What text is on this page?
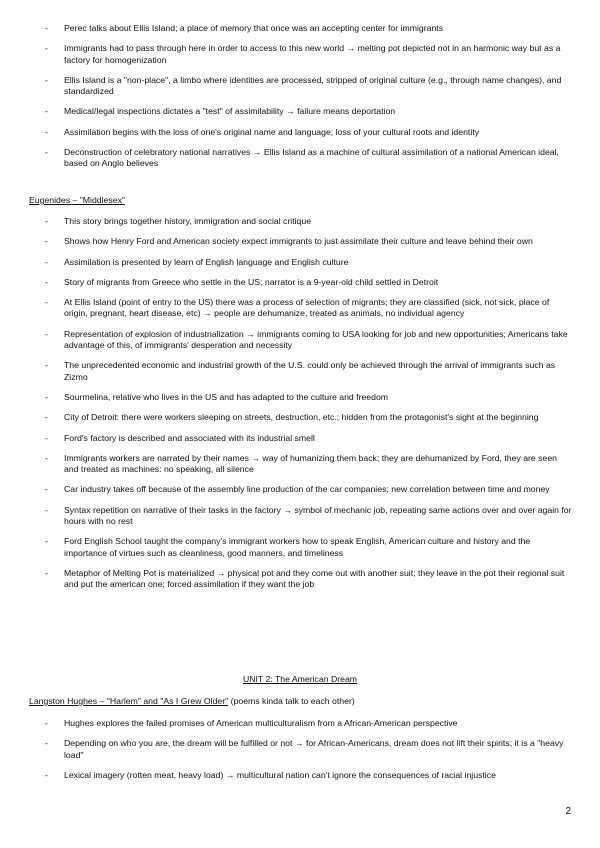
- Perec talks about Ellis Island; a place of memory that once was an accepting center for immigrants
- Immigrants had to pass through here in order to access to this new world → melting pot depicted not in an harmonic way but as a factory for homogenization
- Ellis Island is a "non-place", a limbo where identities are processed, stripped of original culture (e.g., through name changes), and standardized
- Medical/legal inspections dictates a "test" of assimilability → failure means deportation
- Assimilation begins with the loss of one's original name and language; loss of your cultural roots and identity
- Deconstruction of celebratory national narratives → Ellis Island as a machine of cultural assimilation of a national American ideal, based on Anglo believes
Eugenides – "Middlesex"
- This story brings together history, immigration and social critique
- Shows how Henry Ford and American society expect immigrants to just assimilate their culture and leave behind their own
- Assimilation is presented by learn of English language and English culture
- Story of migrants from Greece who settle in the US; narrator is a 9-year-old child settled in Detroit
- At Ellis Island (point of entry to the US) there was a process of selection of migrants; they are classified (sick, not sick, place of origin, pregnant, heart disease, etc) → people are dehumanize, treated as animals, no individual agency
- Representation of explosion of industrialization → immigrants coming to USA looking for job and new opportunities; Americans take advantage of this, of immigrants' desperation and necessity
- The unprecedented economic and industrial growth of the U.S. could only be achieved through the arrival of immigrants such as Zizmo
- Sourmelina, relative who lives in the US and has adapted to the culture and freedom
- City of Detroit: there were workers sleeping on streets, destruction, etc.; hidden from the protagonist's sight at the beginning
- Ford's factory is described and associated with its industrial smell
- Immigrants workers are narrated by their names → way of humanizing them back; they are dehumanized by Ford, they are seen and treated as machines: no speaking, all silence
- Car industry takes off because of the assembly line production of the car companies; new correlation between time and money
- Syntax repetition on narrative of their tasks in the factory → symbol of mechanic job, repeating same actions over and over again for hours with no rest
- Ford English School taught the company's immigrant workers how to speak English, American culture and history and the importance of virtues such as cleanliness, good manners, and timeliness
- Metaphor of Melting Pot is materialized → physical pot and they come out with another suit; they leave in the pot their regional suit and put the american one; forced assimilation if they want the job
UNIT 2: The American Dream
Langston Hughes – "Harlem" and "As I Grew Older" (poems kinda talk to each other)
- Hughes explores the failed promises of American multiculturalism from a African-American perspective
- Depending on who you are, the dream will be fulfilled or not → for African-Americans, dream does not lift their spirits; it is a "heavy load"
- Lexical imagery (rotten meat, heavy load) → multicultural nation can't ignore the consequences of racial injustice
2
